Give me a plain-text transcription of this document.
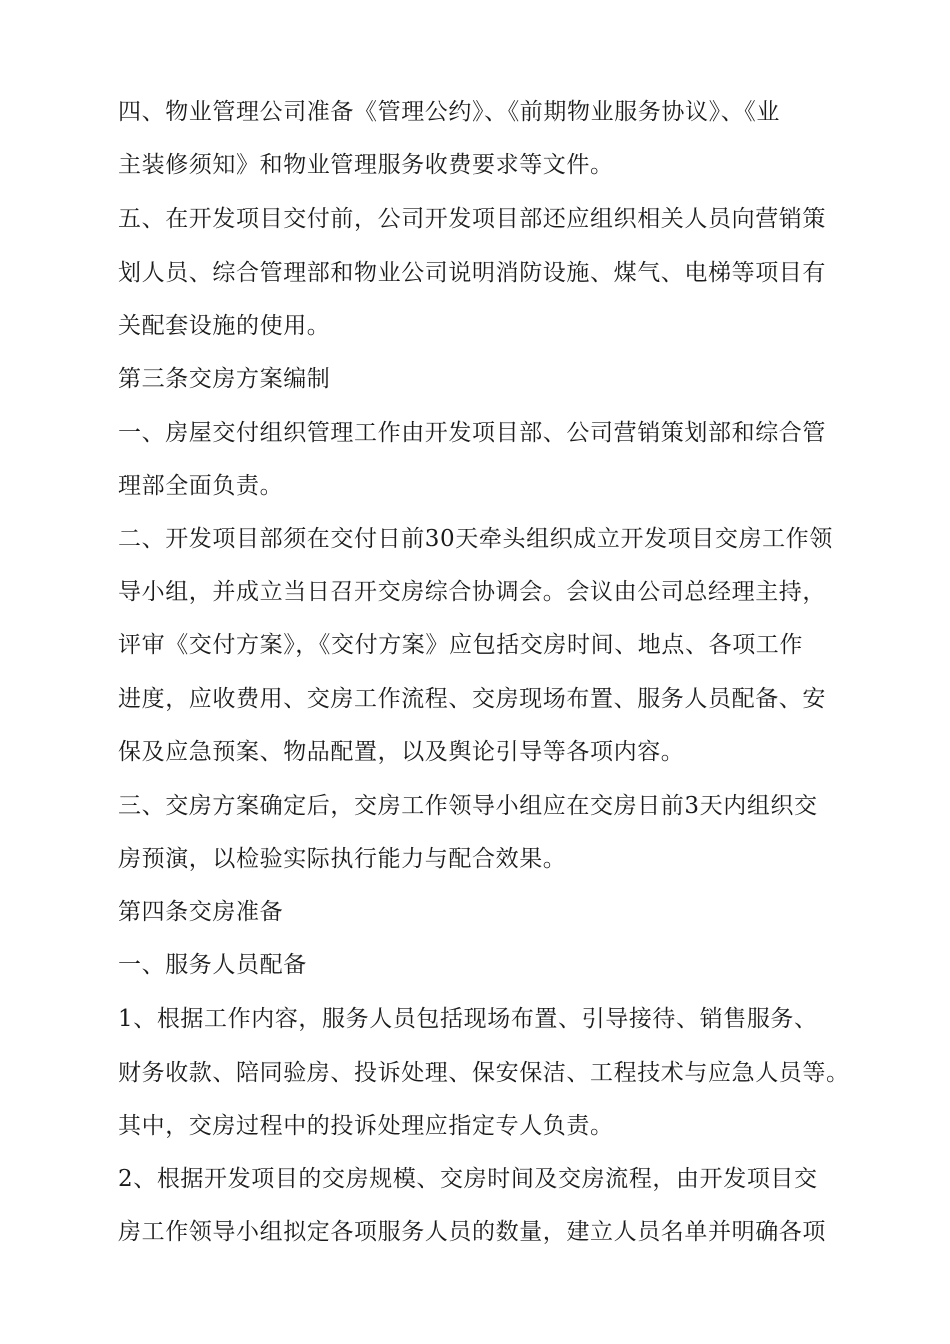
四、物业管理公司准备《管理公约》、《前期物业服务协议》、《业
主装修须知》和物业管理服务收费要求等文件。
五、在开发项目交付前，公司开发项目部还应组织相关人员向营销策
划人员、综合管理部和物业公司说明消防设施、煤气、电梯等项目有
关配套设施的使用。
第三条交房方案编制
一、房屋交付组织管理工作由开发项目部、公司营销策划部和综合管
理部全面负责。
二、开发项目部须在交付日前30天牵头组织成立开发项目交房工作领
导小组，并成立当日召开交房综合协调会。会议由公司总经理主持，
评审《交付方案》，《交付方案》应包括交房时间、地点、各项工作
进度，应收费用、交房工作流程、交房现场布置、服务人员配备、安
保及应急预案、物品配置，以及舆论引导等各项内容。
三、交房方案确定后，交房工作领导小组应在交房日前3天内组织交
房预演，以检验实际执行能力与配合效果。
第四条交房准备
一、服务人员配备
1、根据工作内容，服务人员包括现场布置、引导接待、销售服务、
财务收款、陪同验房、投诉处理、保安保洁、工程技术与应急人员等。
其中，交房过程中的投诉处理应指定专人负责。
2、根据开发项目的交房规模、交房时间及交房流程，由开发项目交
房工作领导小组拟定各项服务人员的数量，建立人员名单并明确各项
